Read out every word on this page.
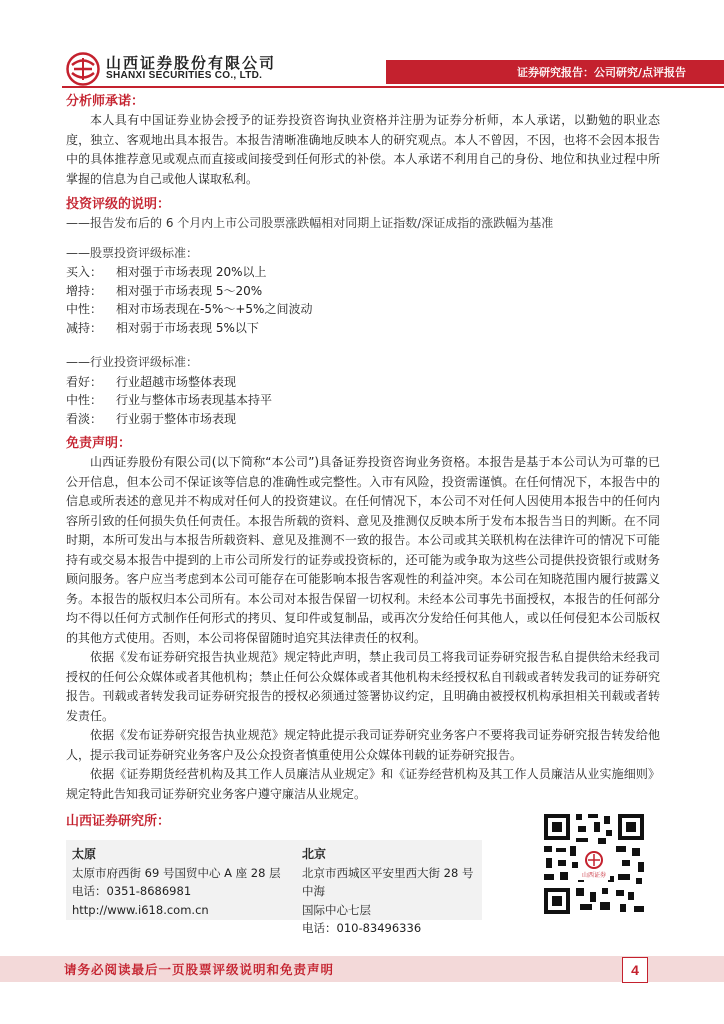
山西证券股份有限公司
SHANXI SECURITIES CO., LTD.	证券研究报告：公司研究/点评报告
分析师承诺：

本人具有中国证券业协会授予的证券投资咨询执业资格并注册为证券分析师，本人承诺，以勤勉的职业态度，独立、客观地出具本报告。本报告清晰准确地反映本人的研究观点。本人不曾因，不因，也将不会因本报告中的具体推荐意见或观点而直接或间接受到任何形式的补偿。本人承诺不利用自己的身份、地位和执业过程中所掌握的信息为自己或他人谋取私利。

投资评级的说明：
——报告发布后的 6 个月内上市公司股票涨跌幅相对同期上证指数/深证成指的涨跌幅为基准
——股票投资评级标准：
买入：	相对强于市场表现 20%以上
增持：	相对强于市场表现 5～20%
中性：	相对市场表现在-5%～+5%之间波动
减持：	相对弱于市场表现 5%以下
——行业投资评级标准：
看好：	行业超越市场整体表现
中性：	行业与整体市场表现基本持平
看淡：	行业弱于整体市场表现
免责声明：

山西证券股份有限公司(以下简称“本公司”)具备证券投资咨询业务资格。本报告是基于本公司认为可靠的已公开信息，但本公司不保证该等信息的准确性或完整性。入市有风险，投资需谨慎。在任何情况下，本报告中的信息或所表述的意见并不构成对任何人的投资建议。在任何情况下，本公司不对任何人因使用本报告中的任何内容所引致的任何损失负任何责任。本报告所载的资料、意见及推测仅反映本所于发布本报告当日的判断。在不同时期，本所可发出与本报告所载资料、意见及推测不一致的报告。本公司或其关联机构在法律许可的情况下可能持有或交易本报告中提到的上市公司所发行的证券或投资标的，还可能为或争取为这些公司提供投资银行或财务顾问服务。客户应当考虑到本公司可能存在可能影响本报告客观性的利益冲突。本公司在知晓范围内履行披露义务。本报告的版权归本公司所有。本公司对本报告保留一切权利。未经本公司事先书面授权，本报告的任何部分均不得以任何方式制作任何形式的拷贝、复印件或复制品，或再次分发给任何其他人，或以任何侵犯本公司版权的其他方式使用。否则，本公司将保留随时追究其法律责任的权利。

依据《发布证券研究报告执业规范》规定特此声明，禁止我司员工将我司证券研究报告私自提供给未经我司授权的任何公众媒体或者其他机构；禁止任何公众媒体或者其他机构未经授权私自刊载或者转发我司的证券研究报告。刊载或者转发我司证券研究报告的授权必须通过签署协议约定，且明确由被授权机构承担相关刊载或者转发责任。

依据《发布证券研究报告执业规范》规定特此提示我司证券研究业务客户不要将我司证券研究报告转发给他人，提示我司证券研究业务客户及公众投资者慎重使用公众媒体刊载的证券研究报告。

依据《证券期货经营机构及其工作人员廉洁从业规定》和《证券经营机构及其工作人员廉洁从业实施细则》规定特此告知我司证券研究业务客户遵守廉洁从业规定。

山西证券研究所：
太原
太原市府西街 69 号国贸中心 A 座 28 层
电话：0351-8686981
http://www.i618.com.cn
北京
北京市西城区平安里西大街 28 号中海
国际中心七层
电话：010-83496336
山西证券
请务必阅读最后一页股票评级说明和免责声明	4
